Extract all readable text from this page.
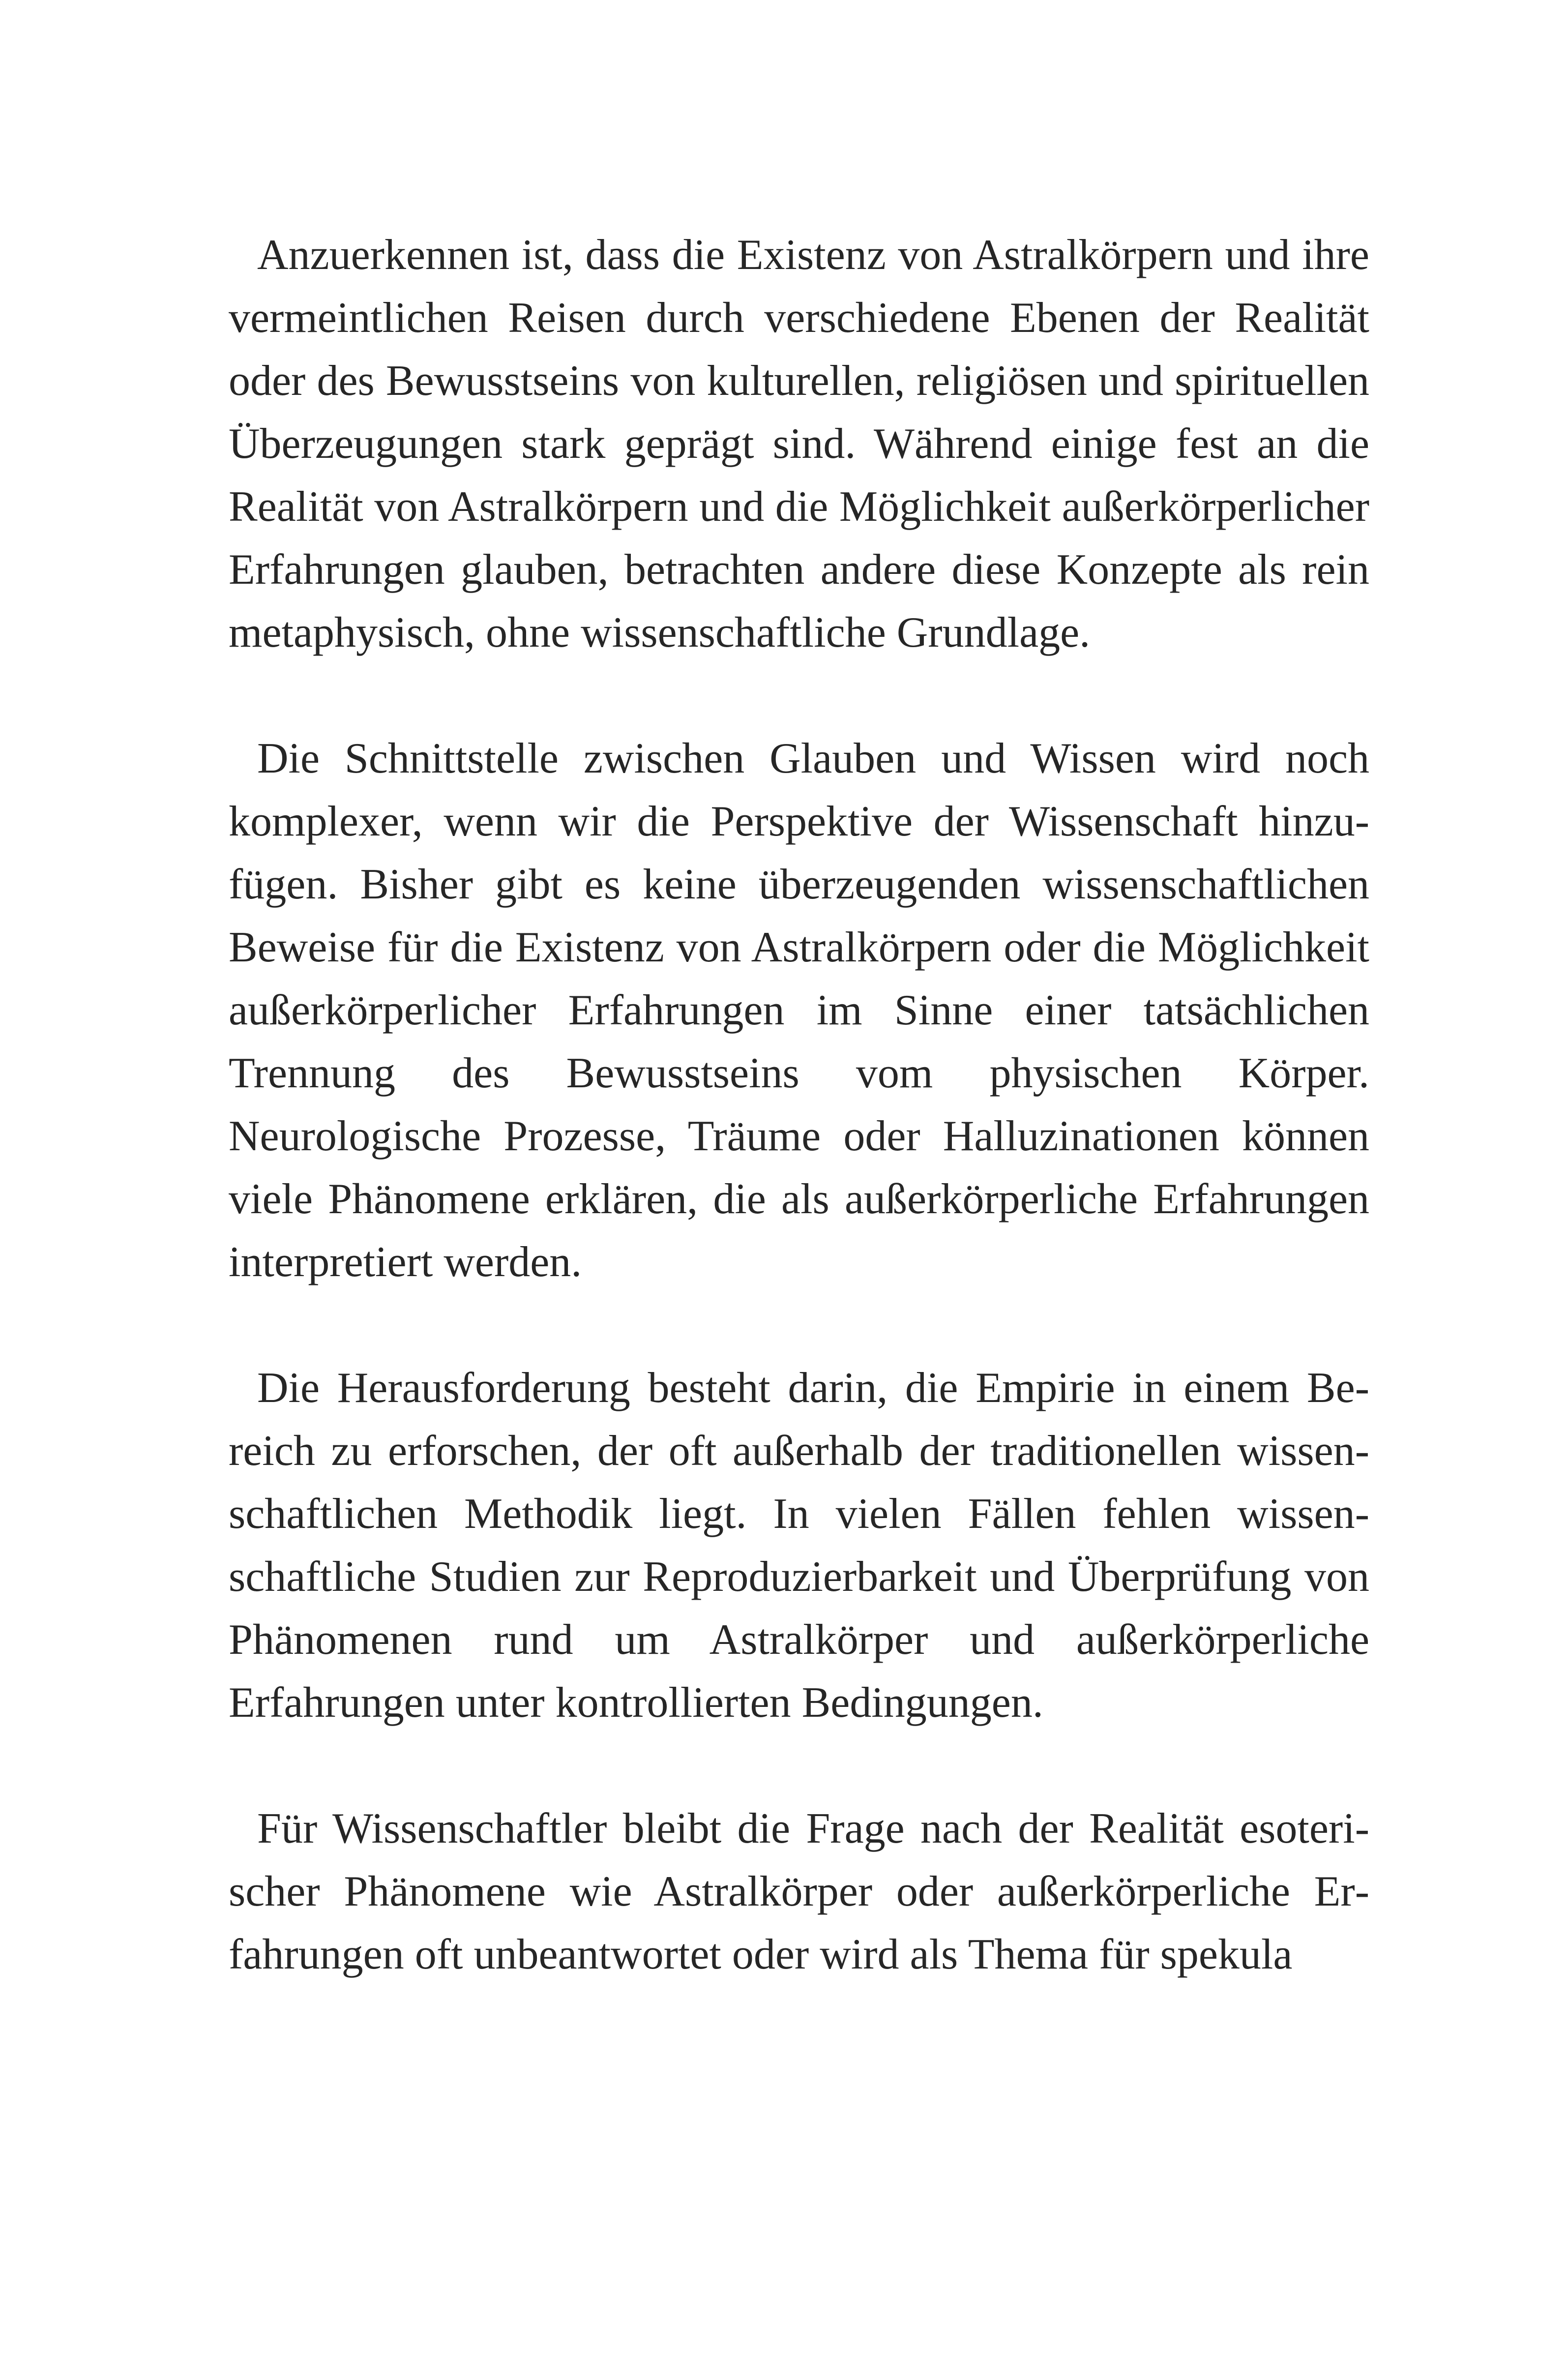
Anzuerkennen ist, dass die Existenz von Astralkörpern und ihre vermeintlichen Reisen durch verschiedene Ebenen der Realität oder des Bewusstseins von kulturellen, religiösen und spirituellen Überzeugungen stark geprägt sind. Während einige fest an die Realität von Astralkörpern und die Möglichkeit außerkörperlicher Erfahrungen glauben, betrachten andere diese Konzepte als rein metaphysisch, ohne wissenschaftliche Grundlage.

Die Schnittstelle zwischen Glauben und Wissen wird noch komplexer, wenn wir die Perspektive der Wissenschaft hinzufügen. Bisher gibt es keine überzeugenden wissenschaftlichen Beweise für die Existenz von Astralkörpern oder die Möglichkeit außerkörperlicher Erfahrungen im Sinne einer tatsächlichen Trennung des Bewusstseins vom physischen Körper. Neurologische Prozesse, Träume oder Halluzinationen können viele Phänomene erklären, die als außerkörperliche Erfahrungen interpretiert werden.

Die Herausforderung besteht darin, die Empirie in einem Bereich zu erforschen, der oft außerhalb der traditionellen wissenschaftlichen Methodik liegt. In vielen Fällen fehlen wissenschaftliche Studien zur Reproduzierbarkeit und Überprüfung von Phänomenen rund um Astralkörper und außerkörperliche Erfahrungen unter kontrollierten Bedingungen.

Für Wissenschaftler bleibt die Frage nach der Realität esoterischer Phänomene wie Astralkörper oder außerkörperliche Erfahrungen oft unbeantwortet oder wird als Thema für spekula
